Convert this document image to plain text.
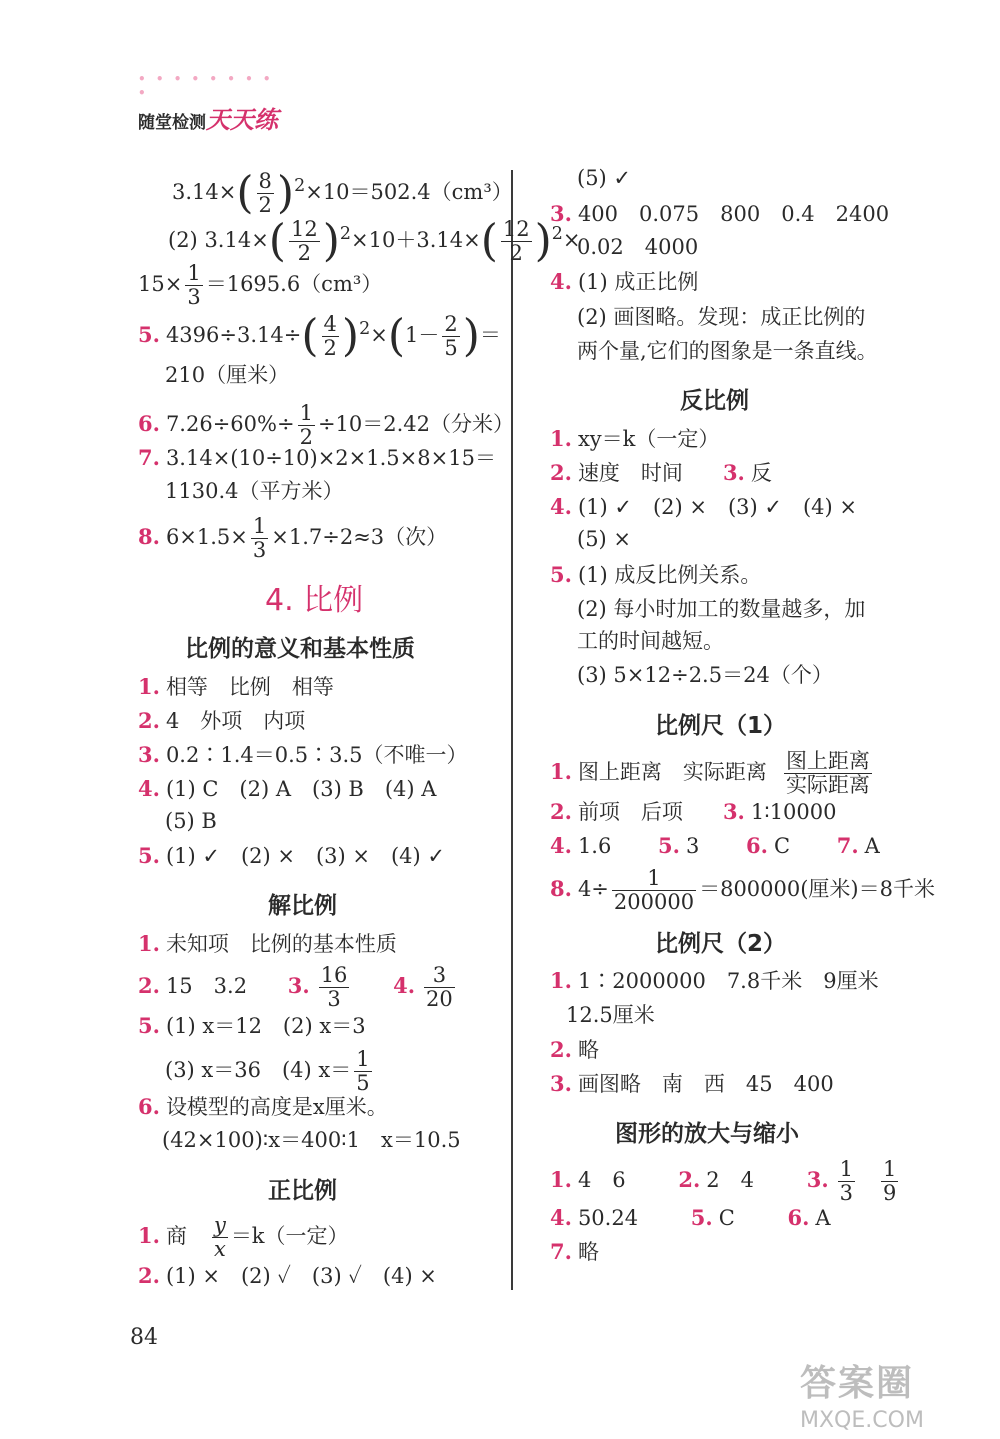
• • • • • • • • •
随堂检测天天练
$3.14\times( \frac{8}{2} )^2\times 10=502.4(cm^3)$
(2) $3.14\times( \frac{12}{2} )^2\times 10+3.14\times( \frac{12}{2} )^2\times$
$15\times \frac{1}{3} =1695.6(cm^3)$
5. $4396\div 3.14\div( \frac{4}{2} )^2\times(1- \frac{2}{5}$ )＝
210（厘米）
6. $7.26\div 60\%\div \frac{1}{2} \div 10=2.42$（分米）
7. 3.14×(10÷10)×2×1.5×8×15＝
1130.4（平方米）
8. $6\times 1.5\times \frac{1}{3} \times 1.7\div 2\approx 3$（次）
4. 比例
比例的意义和基本性质
1. 相等　比例　相等
2. 4　外项　内项
3. 0.2∶1.4＝0.5∶3.5（不唯一）
4. (1) C　(2) A　(3) B　(4) A
(5) B
5. (1) ✓　(2) ×　(3) ×　(4) ✓
解比例
1. 未知项　比例的基本性质
2. 15　3.2 3. $\frac{16}{3} 4$. $\frac{3}{20}$
5. (1) x＝12　(2) x＝3
(3) x＝36　(4) $x= \frac{1}{5}$
6. 设模型的高度是x厘米。
(42×100)∶x＝400∶1　x＝10.5
正比例
1. 商 $\frac{y}{x} =k$（一定）
2. (1) ×　(2) ✓　(3) ✓　(4) ×
(5) ✓
3. 400　0.075　800　0.4　2400
0.02　4000
4. (1) 成正比例
(2) 画图略。发现：成正比例的
两个量,它们的图象是一条直线。
反比例
1. xy＝k（一定）
2. 速度　时间 3. 反
4. (1) ✓　(2) ×　(3) ✓　(4) ×
(5) ×
5. (1) 成反比例关系。
(2) 每小时加工的数量越多，加
工的时间越短。
(3) 5×12÷2.5＝24（个）
比例尺（1）
1. 图上距离　实际距离 $\frac{\text{图上距离}}{\text{实际距离}}$
2. 前项　后项 3. 1∶10000
4. 1.6 5. 3 6. C 7. A
8. $4\div \frac{1}{200000} =800000$(厘米)＝8千米
比例尺（2）
1. 1∶2000000　7.8千米　9厘米
12.5厘米
2. 略
3. 画图略　南　西　45　400
图形的放大与缩小
1. 4　6	2. 2　4	3. $\frac{1}{3} \frac{1}{9}$
4. 50.24	5. C	6. A
7. 略
84
答案圈
MXQE.COM
